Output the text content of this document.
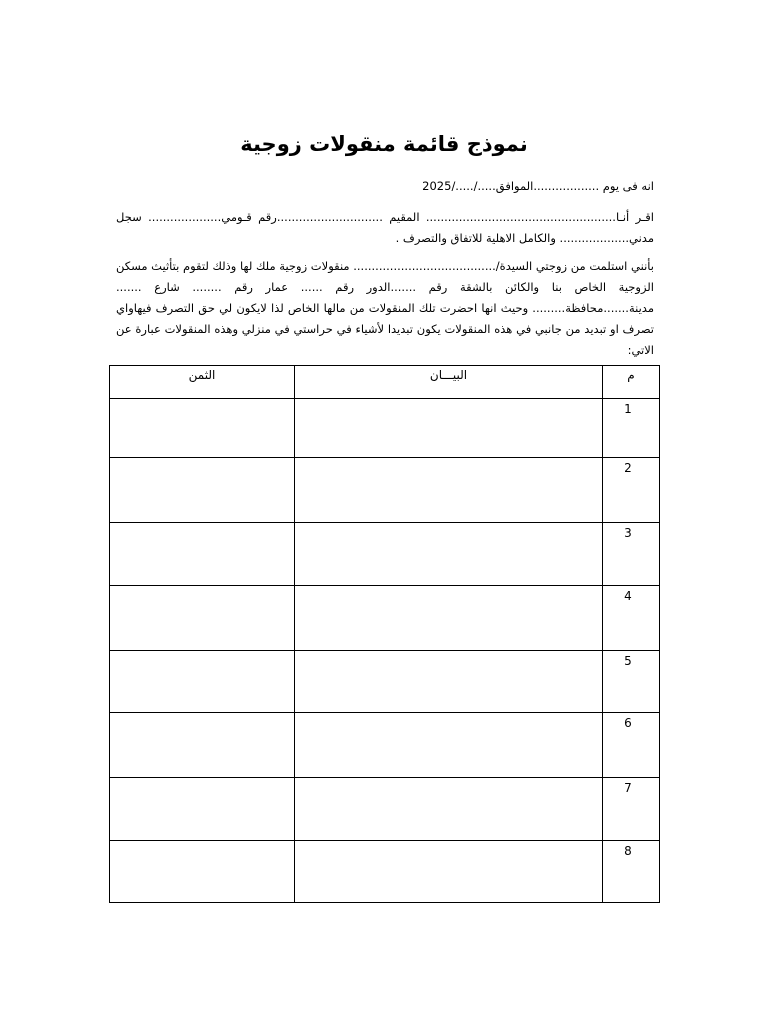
نموذج قائمة منقولات زوجية
انه فى يوم ..................الموافق...../...../2025
اقـر أنـا.................................................... المقيم .............................رقم قـومي.................... سجل مدني................... والكامل الاهلية للاتفاق والتصرف .
بأنني استلمت من زوجتي السيدة/....................................... منقولات زوجية ملك لها وذلك لتقوم بتأثيث مسكن الزوجية الخاص بنا والكائن بالشقة رقم .......الدور رقم ...... عمار رقم ........ شارع ....... مدينة.......محافظة......... وحيث انها احضرت تلك المنقولات من مالها الخاص لذا لايكون لي حق التصرف فيهاواي تصرف او تبديد من جانبي في هذه المنقولات يكون تبديدا لأشياء في حراستي في منزلي وهذه المنقولات عبارة عن الاتي:
م	البيـــان	الثمن
1		
2		
3		
4		
5		
6		
7		
8		
